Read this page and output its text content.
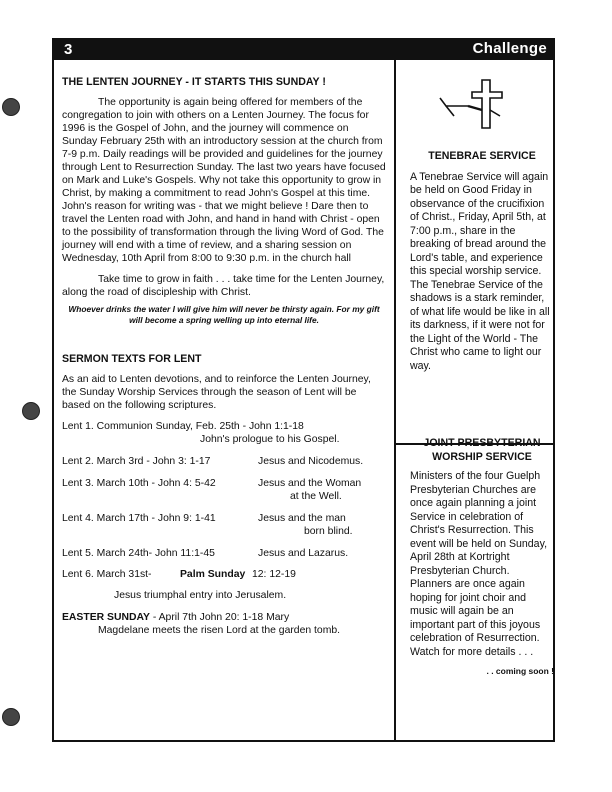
3	Challenge
THE LENTEN JOURNEY - IT STARTS THIS SUNDAY !

The opportunity is again being offered for members of the congregation to join with others on a Lenten Journey. The focus for 1996 is the Gospel of John, and the journey will commence on Sunday February 25th with an introductory session at the church from 7-9 p.m. Daily readings will be provided and guidelines for the journey through Lent to Resurrection Sunday. The last two years have focused on Mark and Luke's Gospels. Why not take this opportunity to grow in Christ, by making a commitment to read John's Gospel at this time. John's reason for writing was - that we might believe ! Dare then to travel the Lenten road with John, and hand in hand with Christ - open to the possibility of transformation through the living Word of God. The journey will end with a time of review, and a sharing session on Wednesday, 10th April from 8:00 to 9:30 p.m. in the church hall

Take time to grow in faith . . . take time for the Lenten Journey, along the road of discipleship with Christ.

Whoever drinks the water I will give him will never be thirsty again. For my gift will become a spring welling up into eternal life.

SERMON TEXTS FOR LENT

As an aid to Lenten devotions, and to reinforce the Lenten Journey, the Sunday Worship Services through the season of Lent will be based on the following scriptures.

Lent 1. Communion Sunday, Feb. 25th - John 1:1-18
John's prologue to his Gospel.
Lent 2. March 3rd - John 3: 1-17	Jesus and Nicodemus.
Lent 3. March 10th - John 4: 5-42	Jesus and the Woman
at the Well.
Lent 4. March 17th - John 9: 1-41	Jesus and the man
born blind.
Lent 5. March 24th- John 11:1-45	Jesus and Lazarus.
Lent 6. March 31st-	Palm Sunday 12: 12-19
Jesus triumphal entry into Jerusalem.
EASTER SUNDAY - April 7th John 20: 1-18 Mary
Magdelane meets the risen Lord at the garden tomb.
TENEBRAE SERVICE

A Tenebrae Service will again be held on Good Friday in observance of the crucifixion of Christ., Friday, April 5th, at 7:00 p.m., share in the breaking of bread around the Lord's table, and experience this special worship service. The Tenebrae Service of the shadows is a stark reminder, of what life would be like in all its darkness, if it were not for the Light of the World - The Christ who came to light our way.

JOINT PRESBYTERIAN
WORSHIP SERVICE

Ministers of the four Guelph Presbyterian Churches are once again planning a joint Service in celebration of Christ's Resurrection. This event will be held on Sunday, April 28th at Kortright Presbyterian Church. Planners are once again hoping for joint choir and music will again be an important part of this joyous celebration of Resurrection. Watch for more details . . .

. . coming soon !
